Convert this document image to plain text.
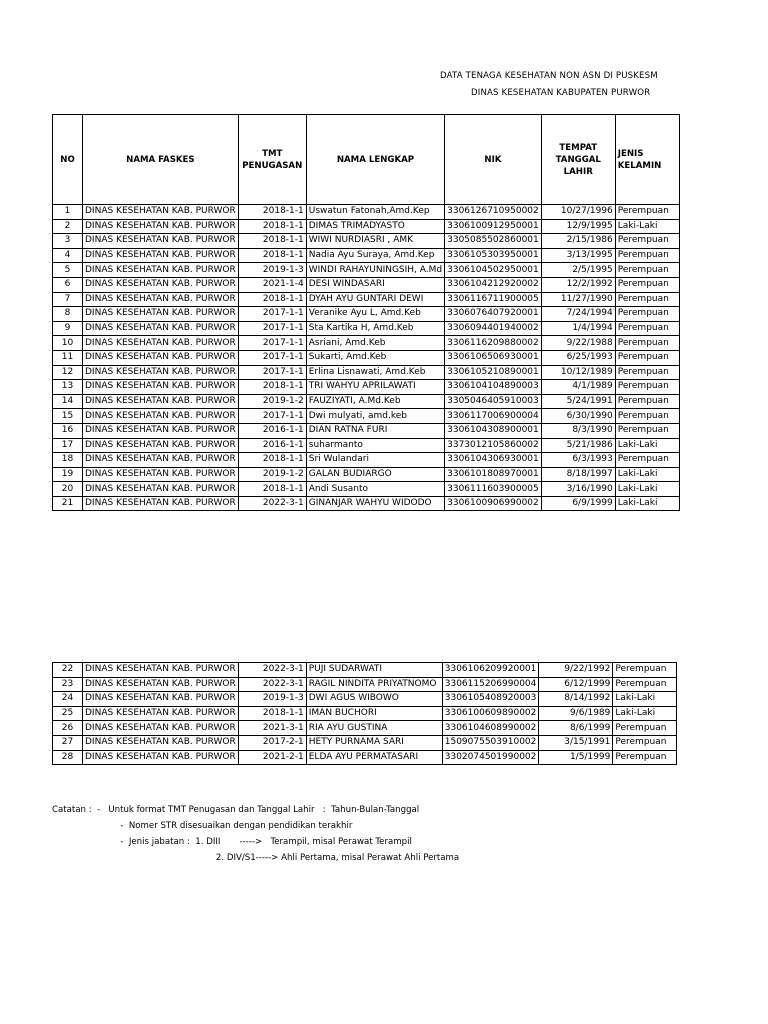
DATA TENAGA KESEHATAN NON ASN DI PUSKESM
DINAS KESEHATAN KABUPATEN PURWOR
NO	NAMA FASKES	TMT PENUGASAN	NAMA LENGKAP	NIK	TEMPAT TANGGAL LAHIR	JENIS KELAMIN
1	DINAS KESEHATAN KAB. PURWOR	2018-1-1	Uswatun Fatonah,Amd.Kep	3306126710950002	10/27/1996	Perempuan
2	DINAS KESEHATAN KAB. PURWOR	2018-1-1	DIMAS TRIMADYASTO	3306100912950001	12/9/1995	Laki-Laki
3	DINAS KESEHATAN KAB. PURWOR	2018-1-1	WIWI NURDIASRI , AMK	3305085502860001	2/15/1986	Perempuan
4	DINAS KESEHATAN KAB. PURWOR	2018-1-1	Nadia Ayu Suraya, Amd.Kep	3306105303950001	3/13/1995	Perempuan
5	DINAS KESEHATAN KAB. PURWOR	2019-1-3	WINDI RAHAYUNINGSIH, A.Md	3306104502950001	2/5/1995	Perempuan
6	DINAS KESEHATAN KAB. PURWOR	2021-1-4	DESI WINDASARI	3306104212920002	12/2/1992	Perempuan
7	DINAS KESEHATAN KAB. PURWOR	2018-1-1	DYAH AYU GUNTARI DEWI	3306116711900005	11/27/1990	Perempuan
8	DINAS KESEHATAN KAB. PURWOR	2017-1-1	Veranike Ayu L, Amd.Keb	3306076407920001	7/24/1994	Perempuan
9	DINAS KESEHATAN KAB. PURWOR	2017-1-1	Sta Kartika H, Amd.Keb	3306094401940002	1/4/1994	Perempuan
10	DINAS KESEHATAN KAB. PURWOR	2017-1-1	Asriani, Amd.Keb	3306116209880002	9/22/1988	Perempuan
11	DINAS KESEHATAN KAB. PURWOR	2017-1-1	Sukarti, Amd.Keb	3306106506930001	6/25/1993	Perempuan
12	DINAS KESEHATAN KAB. PURWOR	2017-1-1	Erlina Lisnawati, Amd.Keb	3306105210890001	10/12/1989	Perempuan
13	DINAS KESEHATAN KAB. PURWOR	2018-1-1	TRI WAHYU APRILAWATI	3306104104890003	4/1/1989	Perempuan
14	DINAS KESEHATAN KAB. PURWOR	2019-1-2	FAUZIYATI, A.Md.Keb	3305046405910003	5/24/1991	Perempuan
15	DINAS KESEHATAN KAB. PURWOR	2017-1-1	Dwi mulyati, amd.keb	3306117006900004	6/30/1990	Perempuan
16	DINAS KESEHATAN KAB. PURWOR	2016-1-1	DIAN RATNA FURI	3306104308900001	8/3/1990	Perempuan
17	DINAS KESEHATAN KAB. PURWOR	2016-1-1	suharmanto	3373012105860002	5/21/1986	Laki-Laki
18	DINAS KESEHATAN KAB. PURWOR	2018-1-1	Sri Wulandari	3306104306930001	6/3/1993	Perempuan
19	DINAS KESEHATAN KAB. PURWOR	2019-1-2	GALAN BUDIARGO	3306101808970001	8/18/1997	Laki-Laki
20	DINAS KESEHATAN KAB. PURWOR	2018-1-1	Andi Susanto	3306111603900005	3/16/1990	Laki-Laki
21	DINAS KESEHATAN KAB. PURWOR	2022-3-1	GINANJAR WAHYU WIDODO	3306100906990002	6/9/1999	Laki-Laki
22	DINAS KESEHATAN KAB. PURWOR	2022-3-1	PUJI SUDARWATI	3306106209920001	9/22/1992	Perempuan
23	DINAS KESEHATAN KAB. PURWOR	2022-3-1	RAGIL NINDITA PRIYATNOMO	3306115206990004	6/12/1999	Perempuan
24	DINAS KESEHATAN KAB. PURWOR	2019-1-3	DWI AGUS WIBOWO	3306105408920003	8/14/1992	Laki-Laki
25	DINAS KESEHATAN KAB. PURWOR	2018-1-1	IMAN BUCHORI	3306100609890002	9/6/1989	Laki-Laki
26	DINAS KESEHATAN KAB. PURWOR	2021-3-1	RIA AYU GUSTINA	3306104608990002	8/6/1999	Perempuan
27	DINAS KESEHATAN KAB. PURWOR	2017-2-1	HETY PURNAMA SARI	1509075503910002	3/15/1991	Perempuan
28	DINAS KESEHATAN KAB. PURWOR	2021-2-1	ELDA AYU PERMATASARI	3302074501990002	1/5/1999	Perempuan
Catatan :  -   Untuk format TMT Penugasan dan Tanggal Lahir   :  Tahun-Bulan-Tanggal
-  Nomer STR disesuaikan dengan pendidikan terakhir
-  Jenis jabatan :  1. DIII       ----->   Terampil, misal Perawat Terampil
2. DIV/S1-----> Ahli Pertama, misal Perawat Ahli Pertama
